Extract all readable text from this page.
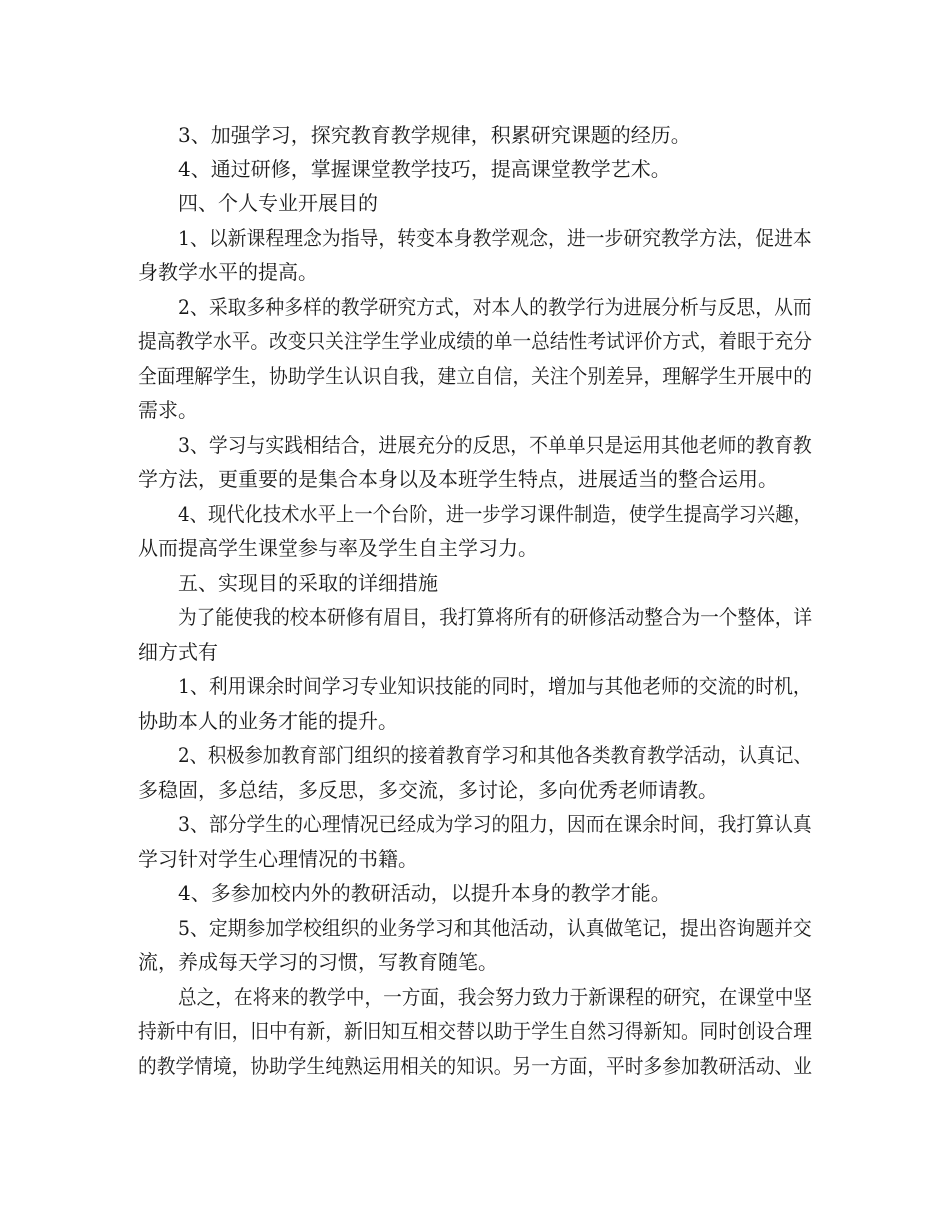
3、加强学习，探究教育教学规律，积累研究课题的经历。
4、通过研修，掌握课堂教学技巧，提高课堂教学艺术。
四、个人专业开展目的
1、以新课程理念为指导，转变本身教学观念，进一步研究教学方法，促进本
身教学水平的提高。
2、采取多种多样的教学研究方式，对本人的教学行为进展分析与反思，从而
提高教学水平。改变只关注学生学业成绩的单一总结性考试评价方式，着眼于充分
全面理解学生，协助学生认识自我，建立自信，关注个别差异，理解学生开展中的
需求。
3、学习与实践相结合，进展充分的反思，不单单只是运用其他老师的教育教
学方法，更重要的是集合本身以及本班学生特点，进展适当的整合运用。
4、现代化技术水平上一个台阶，进一步学习课件制造，使学生提高学习兴趣，
从而提高学生课堂参与率及学生自主学习力。
五、实现目的采取的详细措施
为了能使我的校本研修有眉目，我打算将所有的研修活动整合为一个整体，详
细方式有
1、利用课余时间学习专业知识技能的同时，增加与其他老师的交流的时机，
协助本人的业务才能的提升。
2、积极参加教育部门组织的接着教育学习和其他各类教育教学活动，认真记、
多稳固，多总结，多反思，多交流，多讨论，多向优秀老师请教。
3、部分学生的心理情况已经成为学习的阻力，因而在课余时间，我打算认真
学习针对学生心理情况的书籍。
4、多参加校内外的教研活动，以提升本身的教学才能。
5、定期参加学校组织的业务学习和其他活动，认真做笔记，提出咨询题并交
流，养成每天学习的习惯，写教育随笔。
总之，在将来的教学中，一方面，我会努力致力于新课程的研究，在课堂中坚
持新中有旧，旧中有新，新旧知互相交替以助于学生自然习得新知。同时创设合理
的教学情境，协助学生纯熟运用相关的知识。另一方面，平时多参加教研活动、业
